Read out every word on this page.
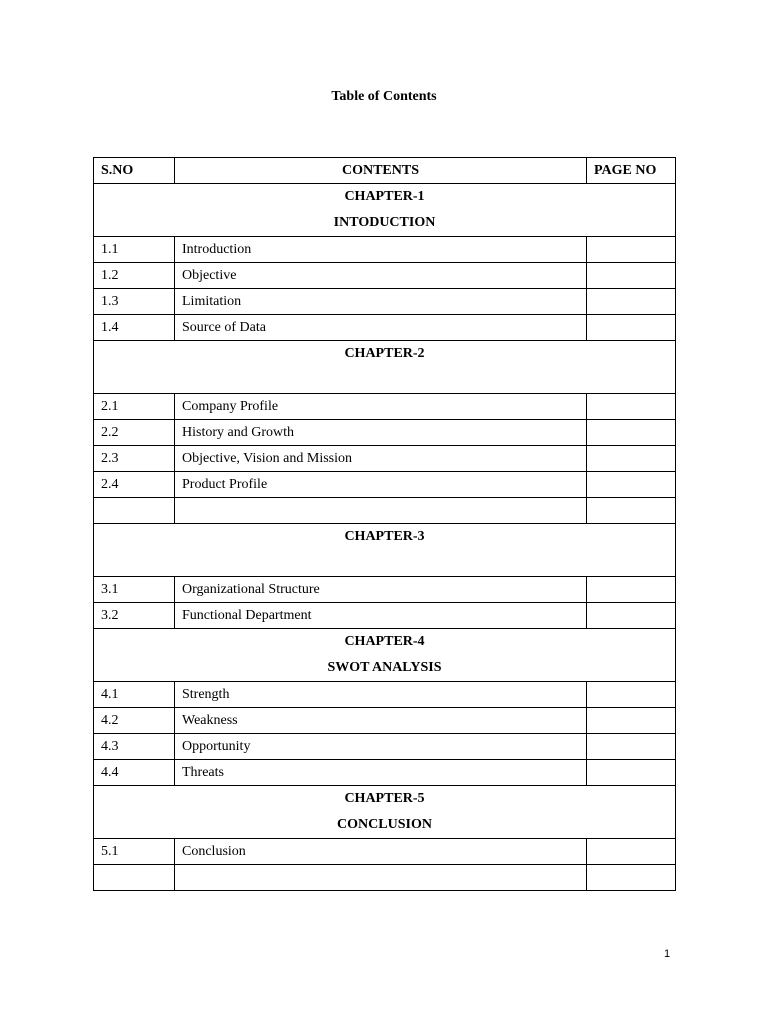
Table of Contents
S.NO	CONTENTS	PAGE NO

CHAPTER-1
INTODUCTION		

1.1	Introduction	
1.2	Objective	
1.3	Limitation	
1.4	Source of Data	

CHAPTER-2		

2.1	Company Profile	
2.2	History and Growth	
2.3	Objective, Vision and Mission	
2.4	Product Profile	

CHAPTER-3		

3.1	Organizational Structure	
3.2	Functional Department	

CHAPTER-4
SWOT ANALYSIS		

4.1	Strength	
4.2	Weakness	
4.3	Opportunity	
4.4	Threats	

CHAPTER-5
CONCLUSION		

5.1	Conclusion	

1
